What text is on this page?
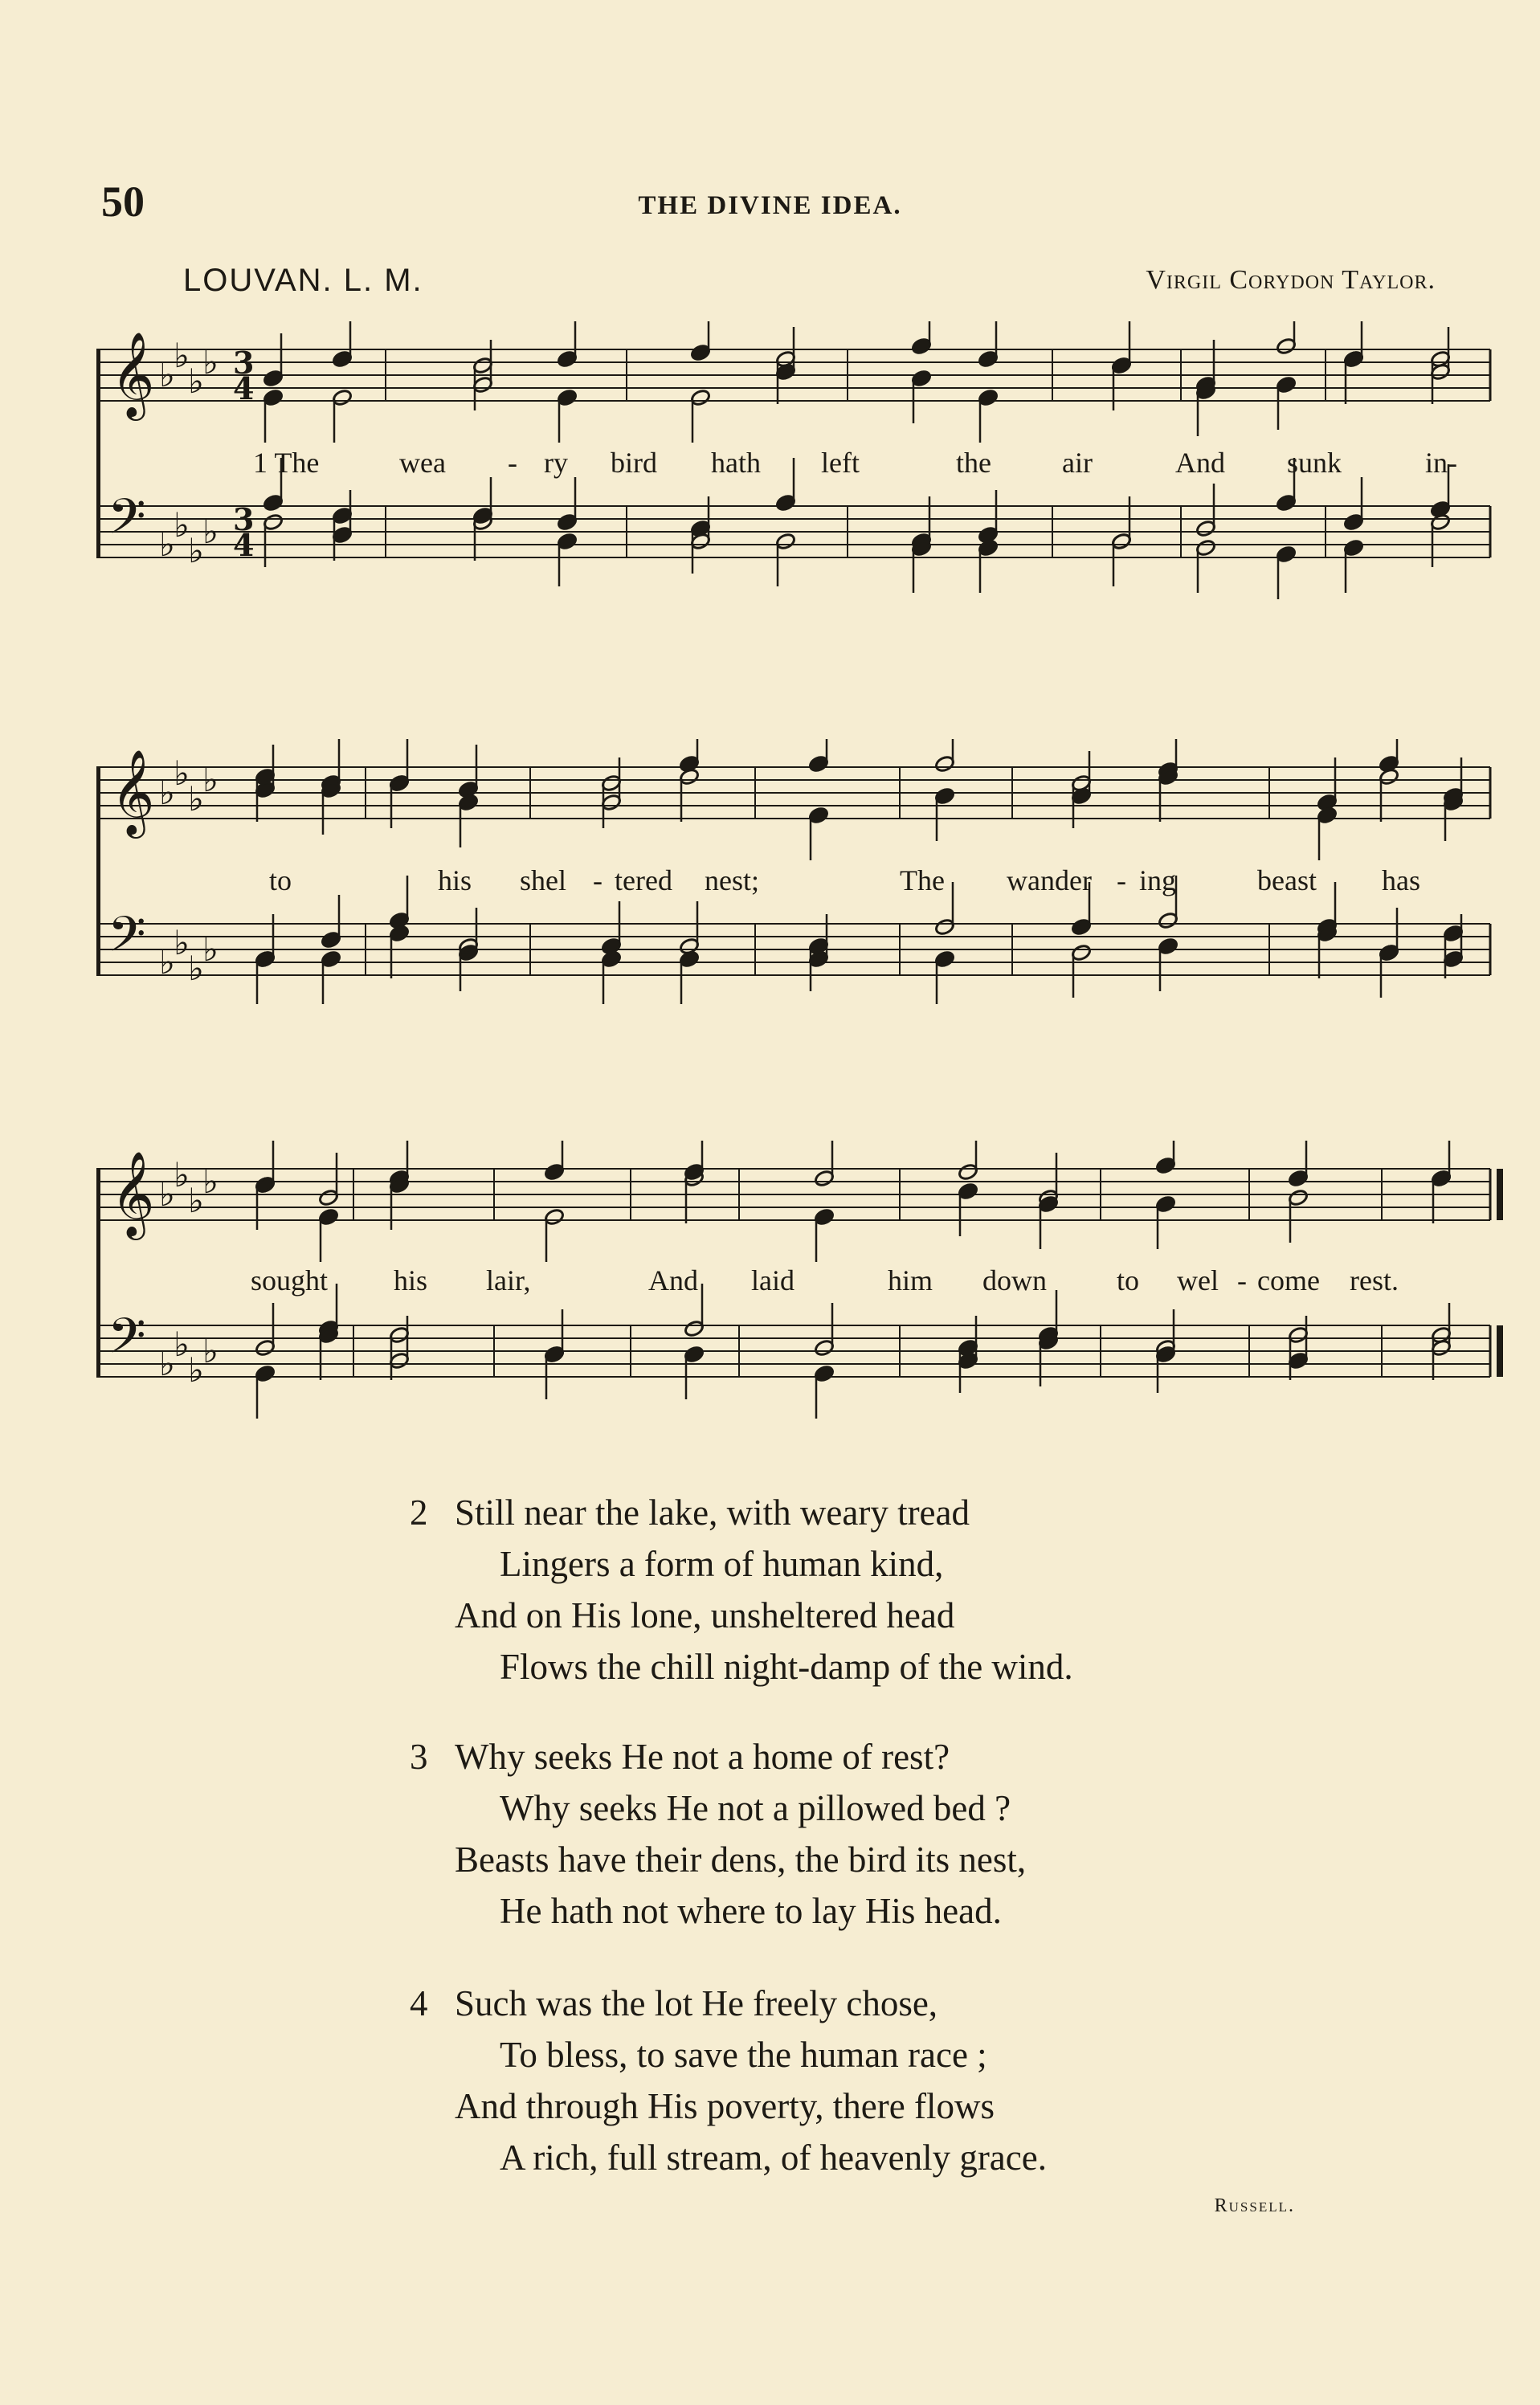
50	THE DIVINE IDEA.
LOUVAN. L. M.	Virgil Corydon Taylor.
𝄞
𝄢
♭
♭
♭
♭
♭
♭
♭
♭
3
3
4
4
𝄞
𝄢
♭
♭
♭
♭
♭
♭
♭
♭
𝄞
𝄢
♭
♭
♭
♭
♭
♭
♭
♭
1 The	wea - ry bird hath left	the air	And sunk	in-
to	his shel - tered nest;	The wander - ing	beast has
sought his lair,	And laid	him down to wel - come rest.
2 Still near the lake, with weary tread
Lingers a form of human kind,
And on His lone, unsheltered head
Flows the chill night-damp of the wind.
3 Why seeks He not a home of rest?
Why seeks He not a pillowed bed ?
Beasts have their dens, the bird its nest,
He hath not where to lay His head.
4 Such was the lot He freely chose,
To bless, to save the human race ;
And through His poverty, there flows
A rich, full stream, of heavenly grace.
Russell.
